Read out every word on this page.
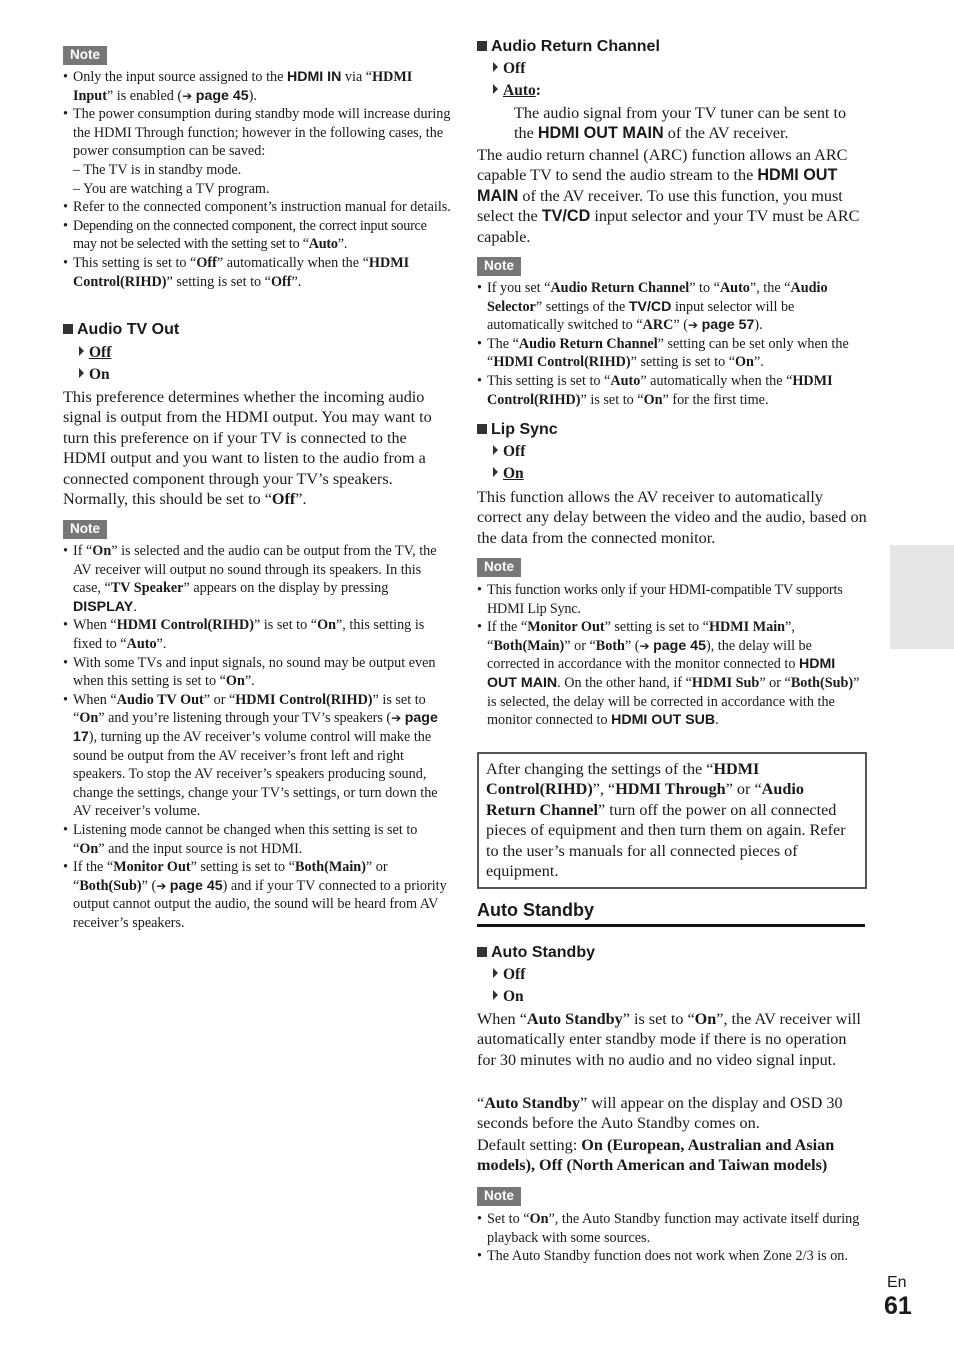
Note
• Only the input source assigned to the HDMI IN via “HDMI Input” is enabled (➔ page 45).
• The power consumption during standby mode will increase during the HDMI Through function; however in the following cases, the power consumption can be saved:
– The TV is in standby mode.
– You are watching a TV program.
• Refer to the connected component’s instruction manual for details.
• Depending on the connected component, the correct input source may not be selected with the setting set to “Auto”.
• This setting is set to “Off” automatically when the “HDMI Control(RIHD)” setting is set to “Off”.
Audio TV Out
Off
On
This preference determines whether the incoming audio signal is output from the HDMI output. You may want to turn this preference on if your TV is connected to the HDMI output and you want to listen to the audio from a connected component through your TV’s speakers. Normally, this should be set to “Off”.
Note
• If “On” is selected and the audio can be output from the TV, the AV receiver will output no sound through its speakers. In this case, “TV Speaker” appears on the display by pressing DISPLAY.
• When “HDMI Control(RIHD)” is set to “On”, this setting is fixed to “Auto”.
• With some TVs and input signals, no sound may be output even when this setting is set to “On”.
• When “Audio TV Out” or “HDMI Control(RIHD)” is set to “On” and you’re listening through your TV’s speakers (➔ page 17), turning up the AV receiver’s volume control will make the sound be output from the AV receiver’s front left and right speakers. To stop the AV receiver’s speakers producing sound, change the settings, change your TV’s settings, or turn down the AV receiver’s volume.
• Listening mode cannot be changed when this setting is set to “On” and the input source is not HDMI.
• If the “Monitor Out” setting is set to “Both(Main)” or “Both(Sub)” (➔ page 45) and if your TV connected to a priority output cannot output the audio, the sound will be heard from AV receiver’s speakers.
Audio Return Channel
Off
Auto:
The audio signal from your TV tuner can be sent to the HDMI OUT MAIN of the AV receiver.
The audio return channel (ARC) function allows an ARC capable TV to send the audio stream to the HDMI OUT MAIN of the AV receiver. To use this function, you must select the TV/CD input selector and your TV must be ARC capable.
Note
• If you set “Audio Return Channel” to “Auto”, the “Audio Selector” settings of the TV/CD input selector will be automatically switched to “ARC” (➔ page 57).
• The “Audio Return Channel” setting can be set only when the “HDMI Control(RIHD)” setting is set to “On”.
• This setting is set to “Auto” automatically when the “HDMI Control(RIHD)” is set to “On” for the first time.
Lip Sync
Off
On
This function allows the AV receiver to automatically correct any delay between the video and the audio, based on the data from the connected monitor.
Note
• This function works only if your HDMI-compatible TV supports HDMI Lip Sync.
• If the “Monitor Out” setting is set to “HDMI Main”, “Both(Main)” or “Both” (➔ page 45), the delay will be corrected in accordance with the monitor connected to HDMI OUT MAIN. On the other hand, if “HDMI Sub” or “Both(Sub)” is selected, the delay will be corrected in accordance with the monitor connected to HDMI OUT SUB.
After changing the settings of the “HDMI Control(RIHD)”, “HDMI Through” or “Audio Return Channel” turn off the power on all connected pieces of equipment and then turn them on again. Refer to the user’s manuals for all connected pieces of equipment.
Auto Standby
Auto Standby
Off
On
When “Auto Standby” is set to “On”, the AV receiver will automatically enter standby mode if there is no operation for 30 minutes with no audio and no video signal input.
“Auto Standby” will appear on the display and OSD 30 seconds before the Auto Standby comes on.
Default setting: On (European, Australian and Asian models), Off (North American and Taiwan models)
Note
• Set to “On”, the Auto Standby function may activate itself during playback with some sources.
• The Auto Standby function does not work when Zone 2/3 is on.
En
61
